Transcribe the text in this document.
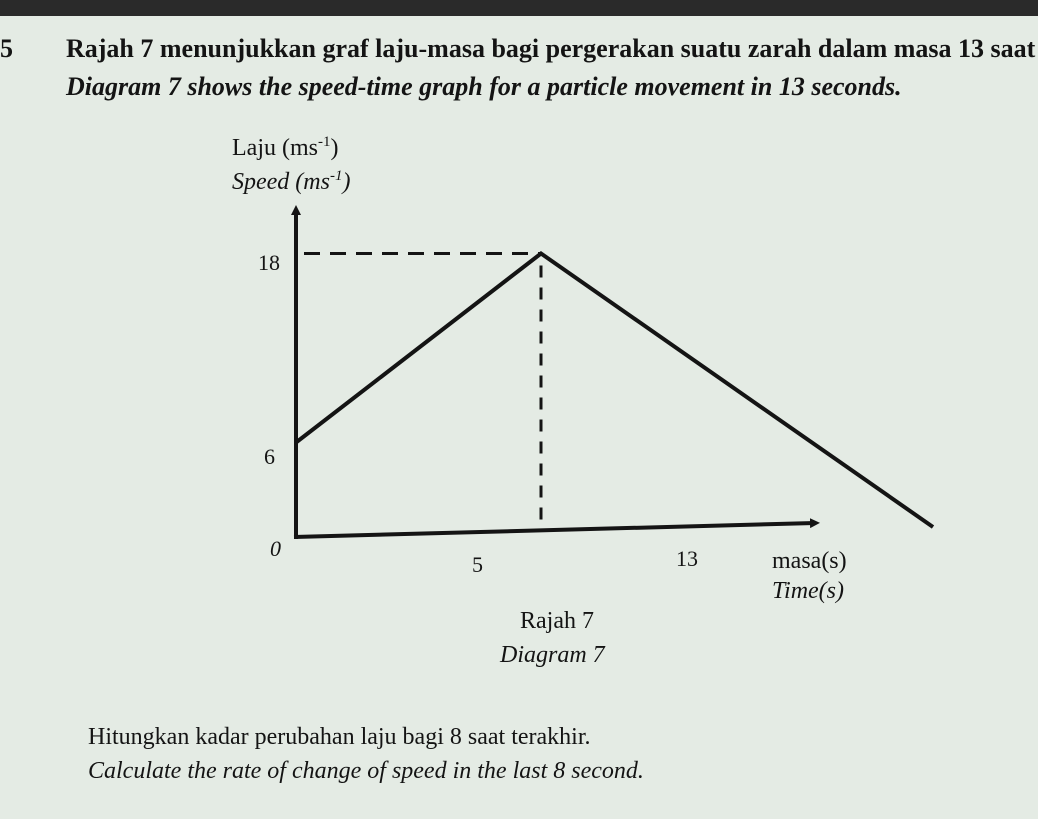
5 Rajah 7 menunjukkan graf laju-masa bagi pergerakan suatu zarah dalam masa 13 saat
Diagram 7 shows the speed-time graph for a particle movement in 13 seconds.
Laju $(ms^{-1})$
Speed $(ms^{-1})$
18
6
0
5	13	masa(s)
Time(s)
Rajah 7
Diagram 7
Hitungkan kadar perubahan laju bagi 8 saat terakhir.
Calculate the rate of change of speed in the last 8 second.
